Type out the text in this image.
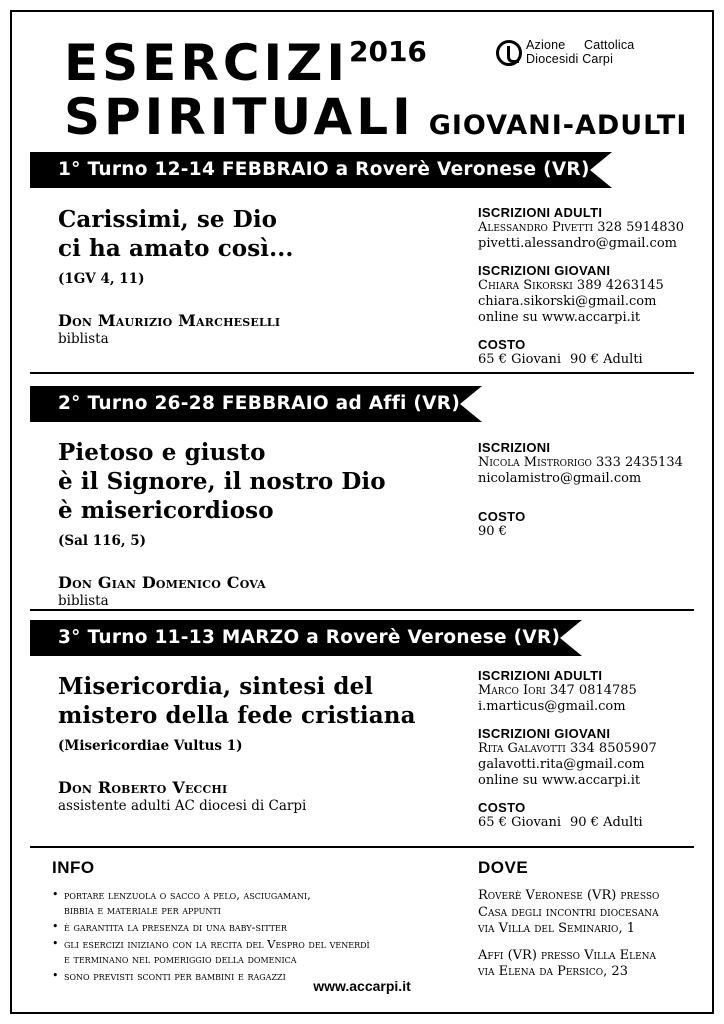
$ESERCIZI^{2016}$
SPIRITUALI GIOVANI-ADULTI
Azione Cattolica
Diocesidi Carpi
1° Turno 12-14 FEBBRAIO a Roverè Veronese (VR)
Carissimi, se Dio
ci ha amato così...
(1GV 4, 11)
Don Maurizio Marcheselli
biblista
ISCRIZIONI ADULTI
Alessandro Pivetti 328 5914830
pivetti.alessandro@gmail.com
ISCRIZIONI GIOVANI
Chiara Sikorski 389 4263145
chiara.sikorski@gmail.com
online su www.accarpi.it
COSTO
65 € Giovani 90 € Adulti
2° Turno 26-28 FEBBRAIO ad Affi (VR)
Pietoso e giusto
è il Signore, il nostro Dio
è misericordioso
(Sal 116, 5)
Don Gian Domenico Cova
biblista
ISCRIZIONI
Nicola Mistrorigo 333 2435134
nicolamistro@gmail.com
COSTO
90 €
3° Turno 11-13 MARZO a Roverè Veronese (VR)
Misericordia, sintesi del
mistero della fede cristiana
(Misericordiae Vultus 1)
Don Roberto Vecchi
assistente adulti AC diocesi di Carpi
ISCRIZIONI ADULTI
Marco Iori 347 0814785
i.marticus@gmail.com
ISCRIZIONI GIOVANI
Rita Galavotti 334 8505907
galavotti.rita@gmail.com
online su www.accarpi.it
COSTO
65 € Giovani 90 € Adulti
INFO
• portare lenzuola o sacco a pelo, asciugamani,
bibbia e materiale per appunti
• è garantita la presenza di una baby-sitter
• gli esercizi iniziano con la recita del Vespro del venerdì
e terminano nel pomeriggio della domenica
• sono previsti sconti per bambini e ragazzi
DOVE
Roverè Veronese (VR) presso
Casa degli incontri diocesana
via Villa del Seminario, 1
Affi (VR) presso Villa Elena
via Elena da Persico, 23
www.accarpi.it
